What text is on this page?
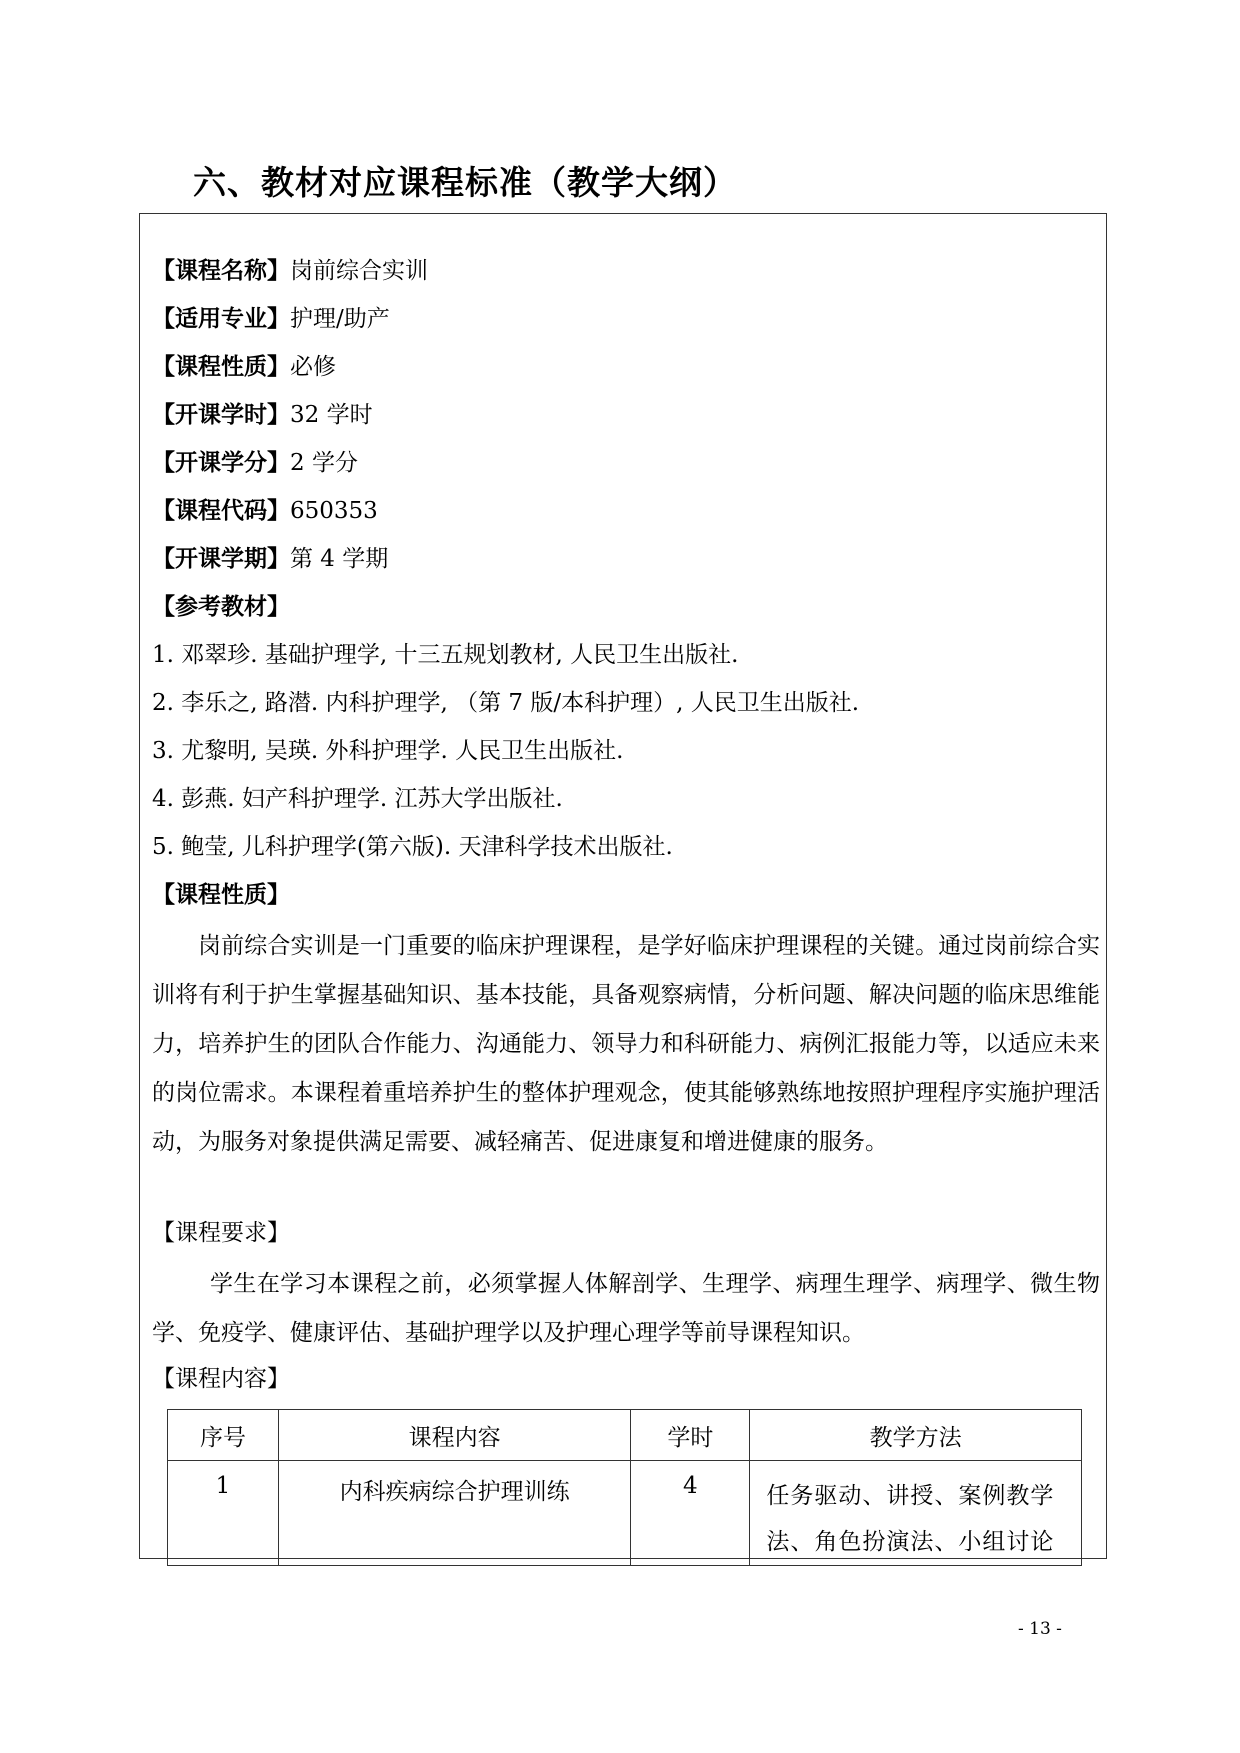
六、教材对应课程标准（教学大纲）
【课程名称】岗前综合实训
【适用专业】护理/助产
【课程性质】必修
【开课学时】32 学时
【开课学分】2 学分
【课程代码】650353
【开课学期】第 4 学期
【参考教材】
1. 邓翠珍. 基础护理学, 十三五规划教材, 人民卫生出版社.
2. 李乐之, 路潜. 内科护理学, （第 7 版/本科护理）, 人民卫生出版社.
3. 尤黎明, 吴瑛. 外科护理学. 人民卫生出版社.
4. 彭燕. 妇产科护理学. 江苏大学出版社.
5. 鲍莹, 儿科护理学(第六版). 天津科学技术出版社.
【课程性质】
岗前综合实训是一门重要的临床护理课程，是学好临床护理课程的关键。通过岗前综合实训将有利于护生掌握基础知识、基本技能，具备观察病情，分析问题、解决问题的临床思维能力，培养护生的团队合作能力、沟通能力、领导力和科研能力、病例汇报能力等，以适应未来的岗位需求。本课程着重培养护生的整体护理观念，使其能够熟练地按照护理程序实施护理活动，为服务对象提供满足需要、减轻痛苦、促进康复和增进健康的服务。
【课程要求】
学生在学习本课程之前，必须掌握人体解剖学、生理学、病理生理学、病理学、微生物学、免疫学、健康评估、基础护理学以及护理心理学等前导课程知识。
【课程内容】
序号	课程内容	学时	教学方法
1	内科疾病综合护理训练	4	任务驱动、讲授、案例教学法、角色扮演法、小组讨论
- 13 -
